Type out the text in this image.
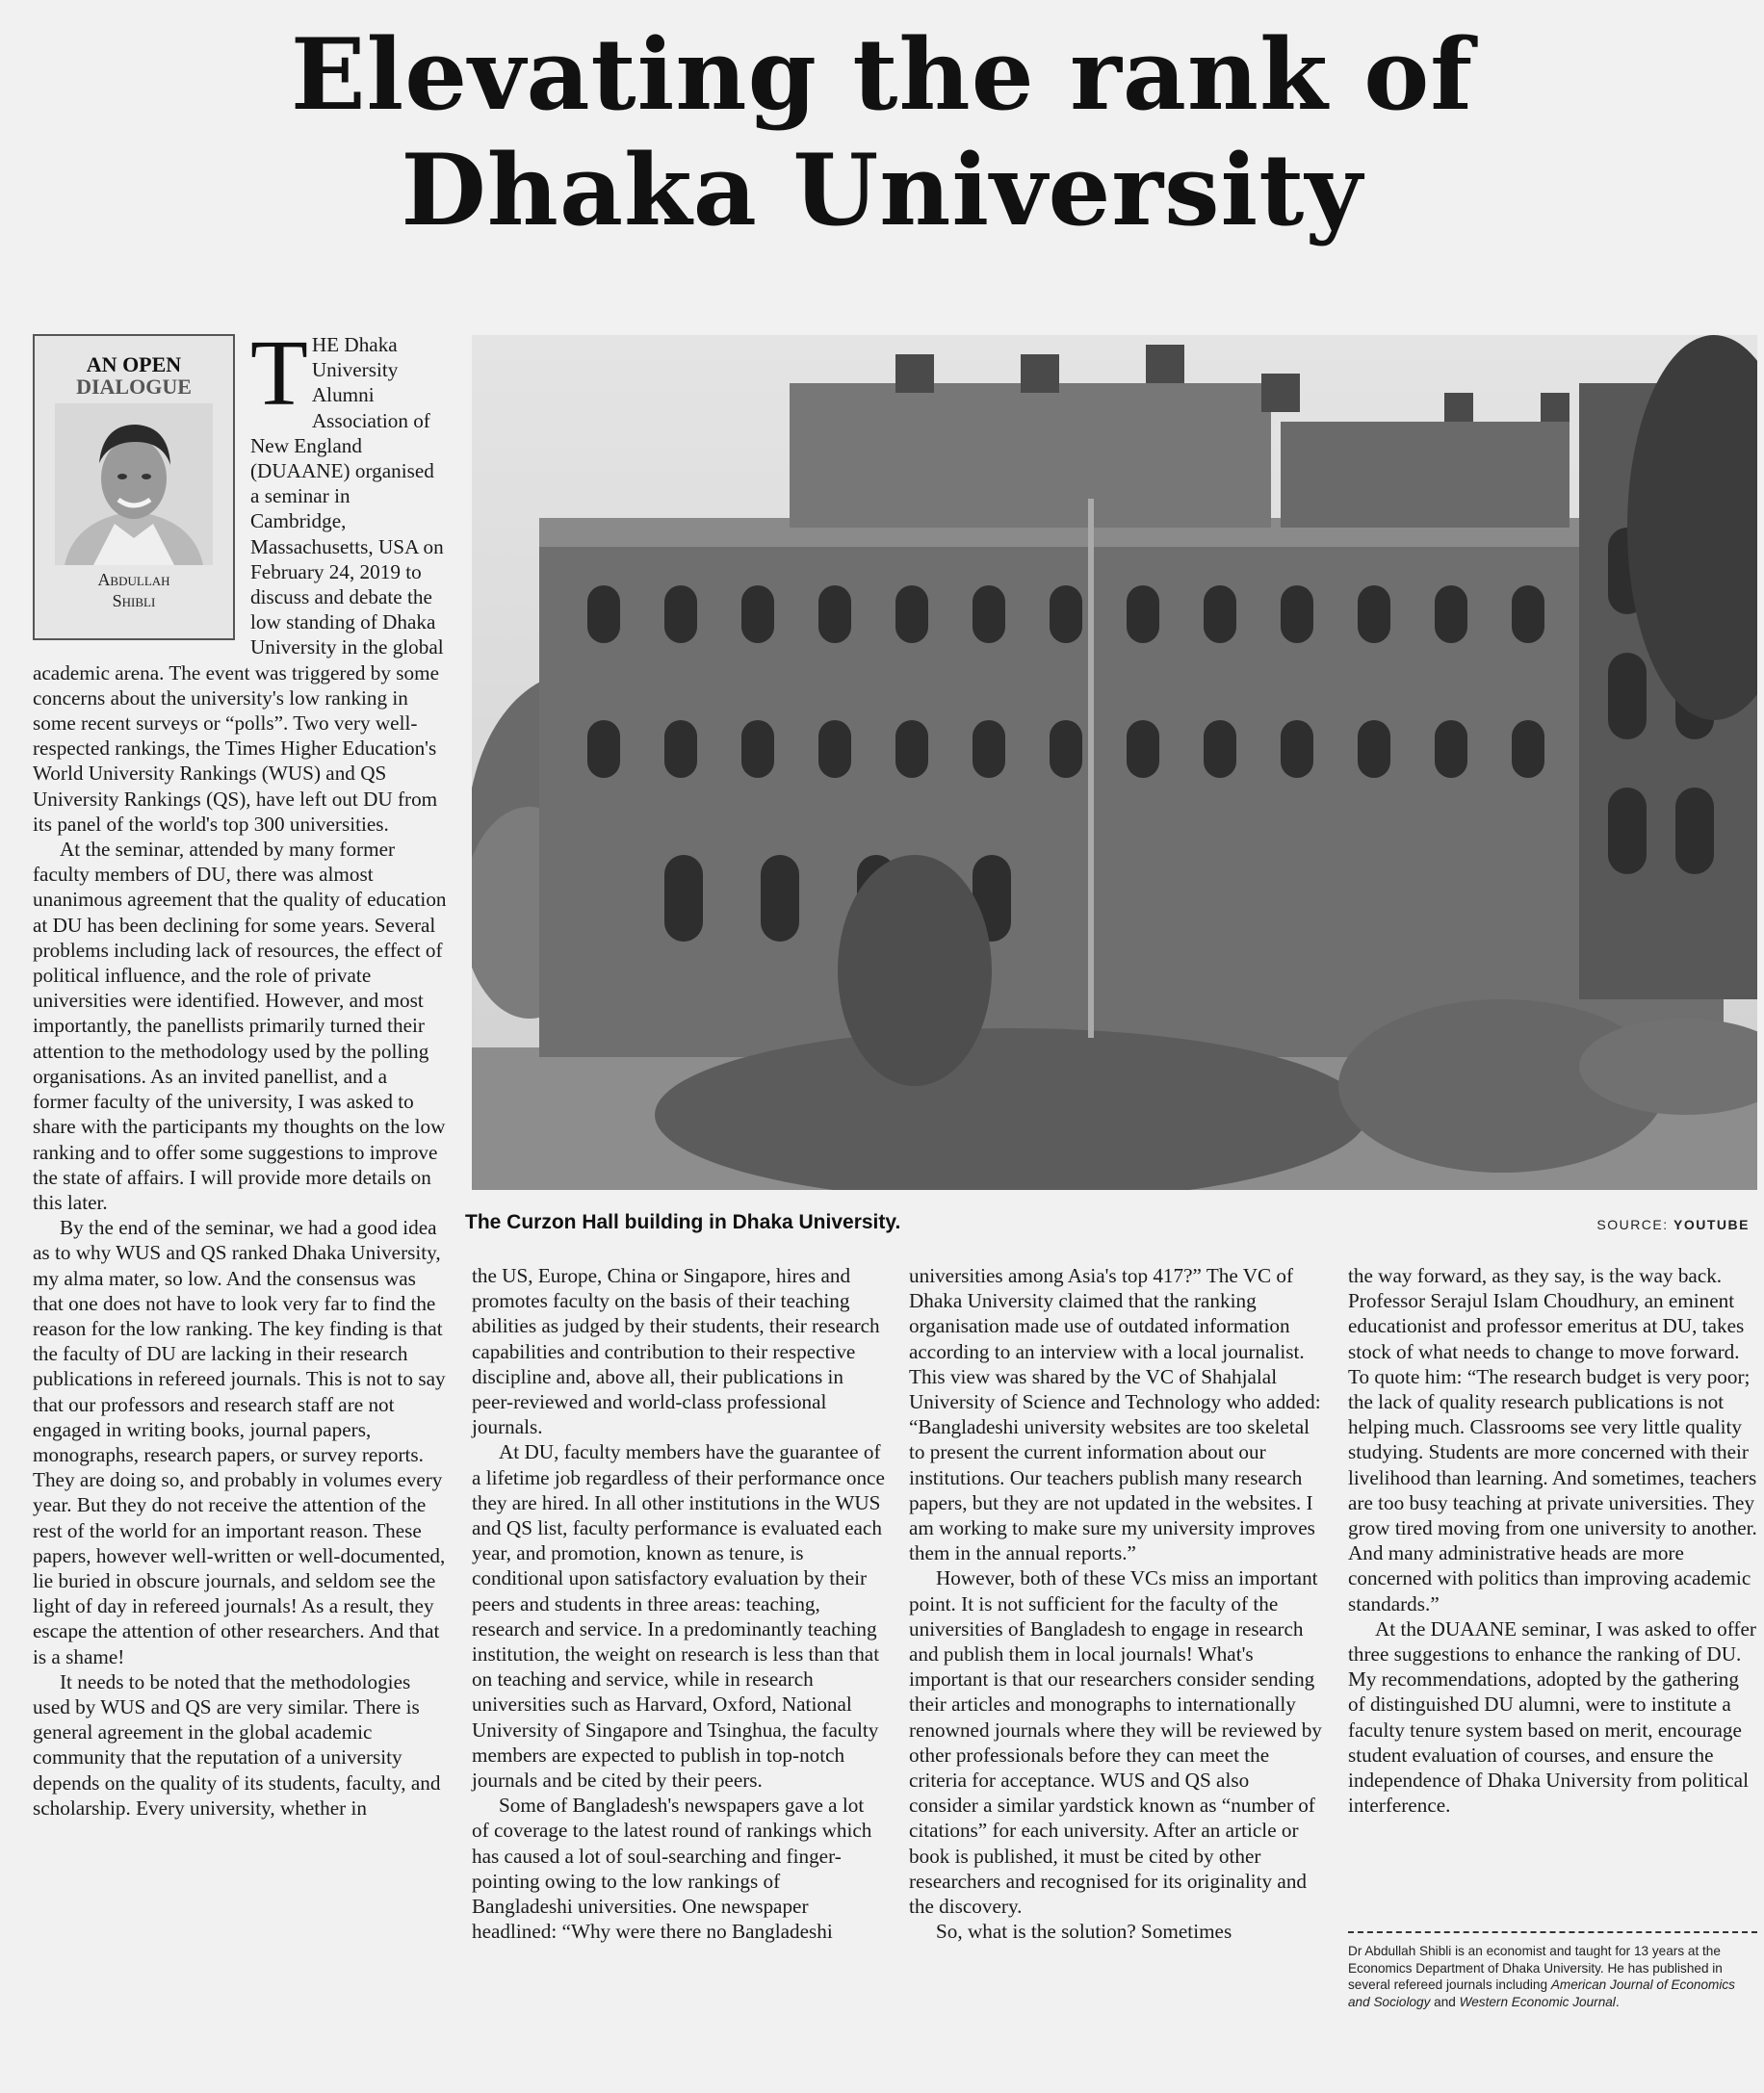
Elevating the rank of
Dhaka University
AN OPEN
DIALOGUE
Abdullah
Shibli
T HE Dhaka University Alumni Association of New England (DUAANE) organised a seminar in Cambridge, Massachusetts, USA on February 24, 2019 to discuss and debate the low standing of Dhaka University in the global academic arena. The event was triggered by some concerns about the university's low ranking in some recent surveys or “polls”. Two very well-respected rankings, the Times Higher Education's World University Rankings (WUS) and QS University Rankings (QS), have left out DU from its panel of the world's top 300 universities.

At the seminar, attended by many former faculty members of DU, there was almost unanimous agreement that the quality of education at DU has been declining for some years. Several problems including lack of resources, the effect of political influence, and the role of private universities were identified. However, and most importantly, the panellists primarily turned their attention to the methodology used by the polling organisations. As an invited panellist, and a former faculty of the university, I was asked to share with the participants my thoughts on the low ranking and to offer some suggestions to improve the state of affairs. I will provide more details on this later.

By the end of the seminar, we had a good idea as to why WUS and QS ranked Dhaka University, my alma mater, so low. And the consensus was that one does not have to look very far to find the reason for the low ranking. The key finding is that the faculty of DU are lacking in their research publications in refereed journals. This is not to say that our professors and research staff are not engaged in writing books, journal papers, monographs, research papers, or survey reports. They are doing so, and probably in volumes every year. But they do not receive the attention of the rest of the world for an important reason. These papers, however well-written or well-documented, lie buried in obscure journals, and seldom see the light of day in refereed journals! As a result, they escape the attention of other researchers. And that is a shame!

It needs to be noted that the methodologies used by WUS and QS are very similar. There is general agreement in the global academic community that the reputation of a university depends on the quality of its students, faculty, and scholarship. Every university, whether in

The Curzon Hall building in Dhaka University.	SOURCE: YOUTUBE

the US, Europe, China or Singapore, hires and promotes faculty on the basis of their teaching abilities as judged by their students, their research capabilities and contribution to their respective discipline and, above all, their publications in peer-reviewed and world-class professional journals.

At DU, faculty members have the guarantee of a lifetime job regardless of their performance once they are hired. In all other institutions in the WUS and QS list, faculty performance is evaluated each year, and promotion, known as tenure, is conditional upon satisfactory evaluation by their peers and students in three areas: teaching, research and service. In a predominantly teaching institution, the weight on research is less than that on teaching and service, while in research universities such as Harvard, Oxford, National University of Singapore and Tsinghua, the faculty members are expected to publish in top-notch journals and be cited by their peers.

Some of Bangladesh's newspapers gave a lot of coverage to the latest round of rankings which has caused a lot of soul-searching and finger-pointing owing to the low rankings of Bangladeshi universities. One newspaper headlined: “Why were there no Bangladeshi

universities among Asia's top 417?” The VC of Dhaka University claimed that the ranking organisation made use of outdated information according to an interview with a local journalist. This view was shared by the VC of Shahjalal University of Science and Technology who added: “Bangladeshi university websites are too skeletal to present the current information about our institutions. Our teachers publish many research papers, but they are not updated in the websites. I am working to make sure my university improves them in the annual reports.”

However, both of these VCs miss an important point. It is not sufficient for the faculty of the universities of Bangladesh to engage in research and publish them in local journals! What's important is that our researchers consider sending their articles and monographs to internationally renowned journals where they will be reviewed by other professionals before they can meet the criteria for acceptance. WUS and QS also consider a similar yardstick known as “number of citations” for each university. After an article or book is published, it must be cited by other researchers and recognised for its originality and the discovery.

So, what is the solution? Sometimes

the way forward, as they say, is the way back. Professor Serajul Islam Choudhury, an eminent educationist and professor emeritus at DU, takes stock of what needs to change to move forward. To quote him: “The research budget is very poor; the lack of quality research publications is not helping much. Classrooms see very little quality studying. Students are more concerned with their livelihood than learning. And sometimes, teachers are too busy teaching at private universities. They grow tired moving from one university to another. And many administrative heads are more concerned with politics than improving academic standards.”

At the DUAANE seminar, I was asked to offer three suggestions to enhance the ranking of DU. My recommendations, adopted by the gathering of distinguished DU alumni, were to institute a faculty tenure system based on merit, encourage student evaluation of courses, and ensure the independence of Dhaka University from political interference.

Dr Abdullah Shibli is an economist and taught for 13 years at the Economics Department of Dhaka University. He has published in several refereed journals including American Journal of Economics and Sociology and Western Economic Journal.
